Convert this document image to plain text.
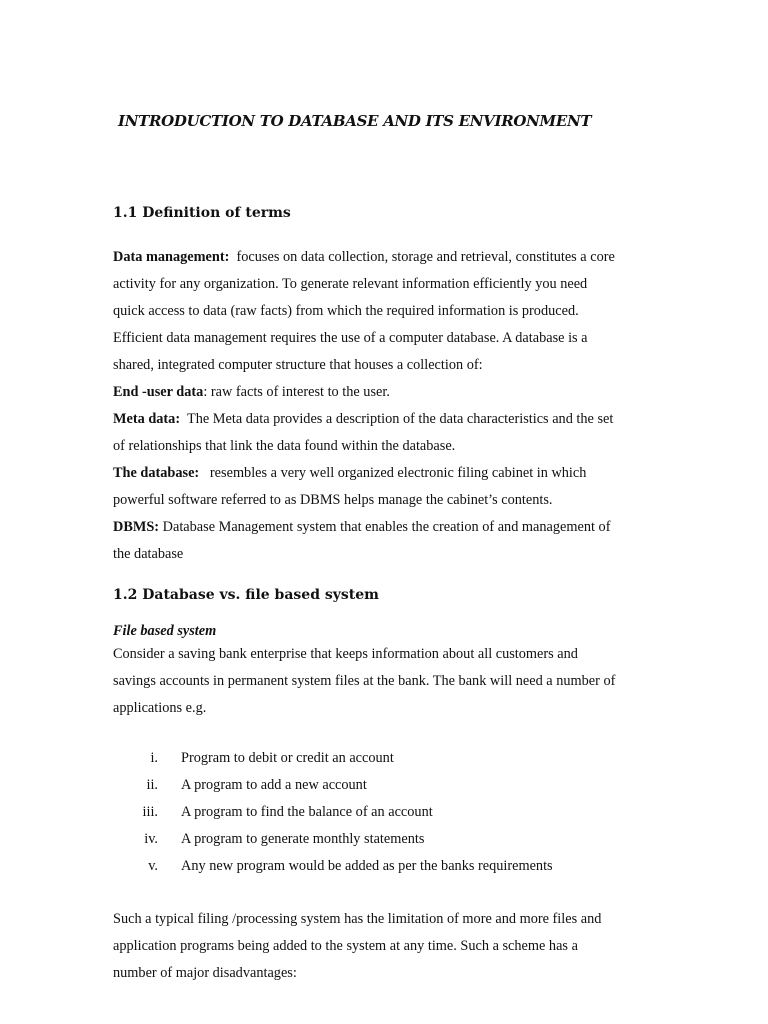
INTRODUCTION TO DATABASE AND ITS ENVIRONMENT
1.1 Definition of terms
Data management: focuses on data collection, storage and retrieval, constitutes a core
activity for any organization. To generate relevant information efficiently you need
quick access to data (raw facts) from which the required information is produced.
Efficient data management requires the use of a computer database. A database is a
shared, integrated computer structure that houses a collection of:
End -user data: raw facts of interest to the user.
Meta data: The Meta data provides a description of the data characteristics and the set
of relationships that link the data found within the database.
The database: resembles a very well organized electronic filing cabinet in which
powerful software referred to as DBMS helps manage the cabinet’s contents.
DBMS: Database Management system that enables the creation of and management of
the database
1.2 Database vs. file based system
File based system
Consider a saving bank enterprise that keeps information about all customers and
savings accounts in permanent system files at the bank. The bank will need a number of
applications e.g.
i. Program to debit or credit an account
ii. A program to add a new account
iii. A program to find the balance of an account
iv. A program to generate monthly statements
v. Any new program would be added as per the banks requirements
Such a typical filing /processing system has the limitation of more and more files and
application programs being added to the system at any time. Such a scheme has a
number of major disadvantages:
